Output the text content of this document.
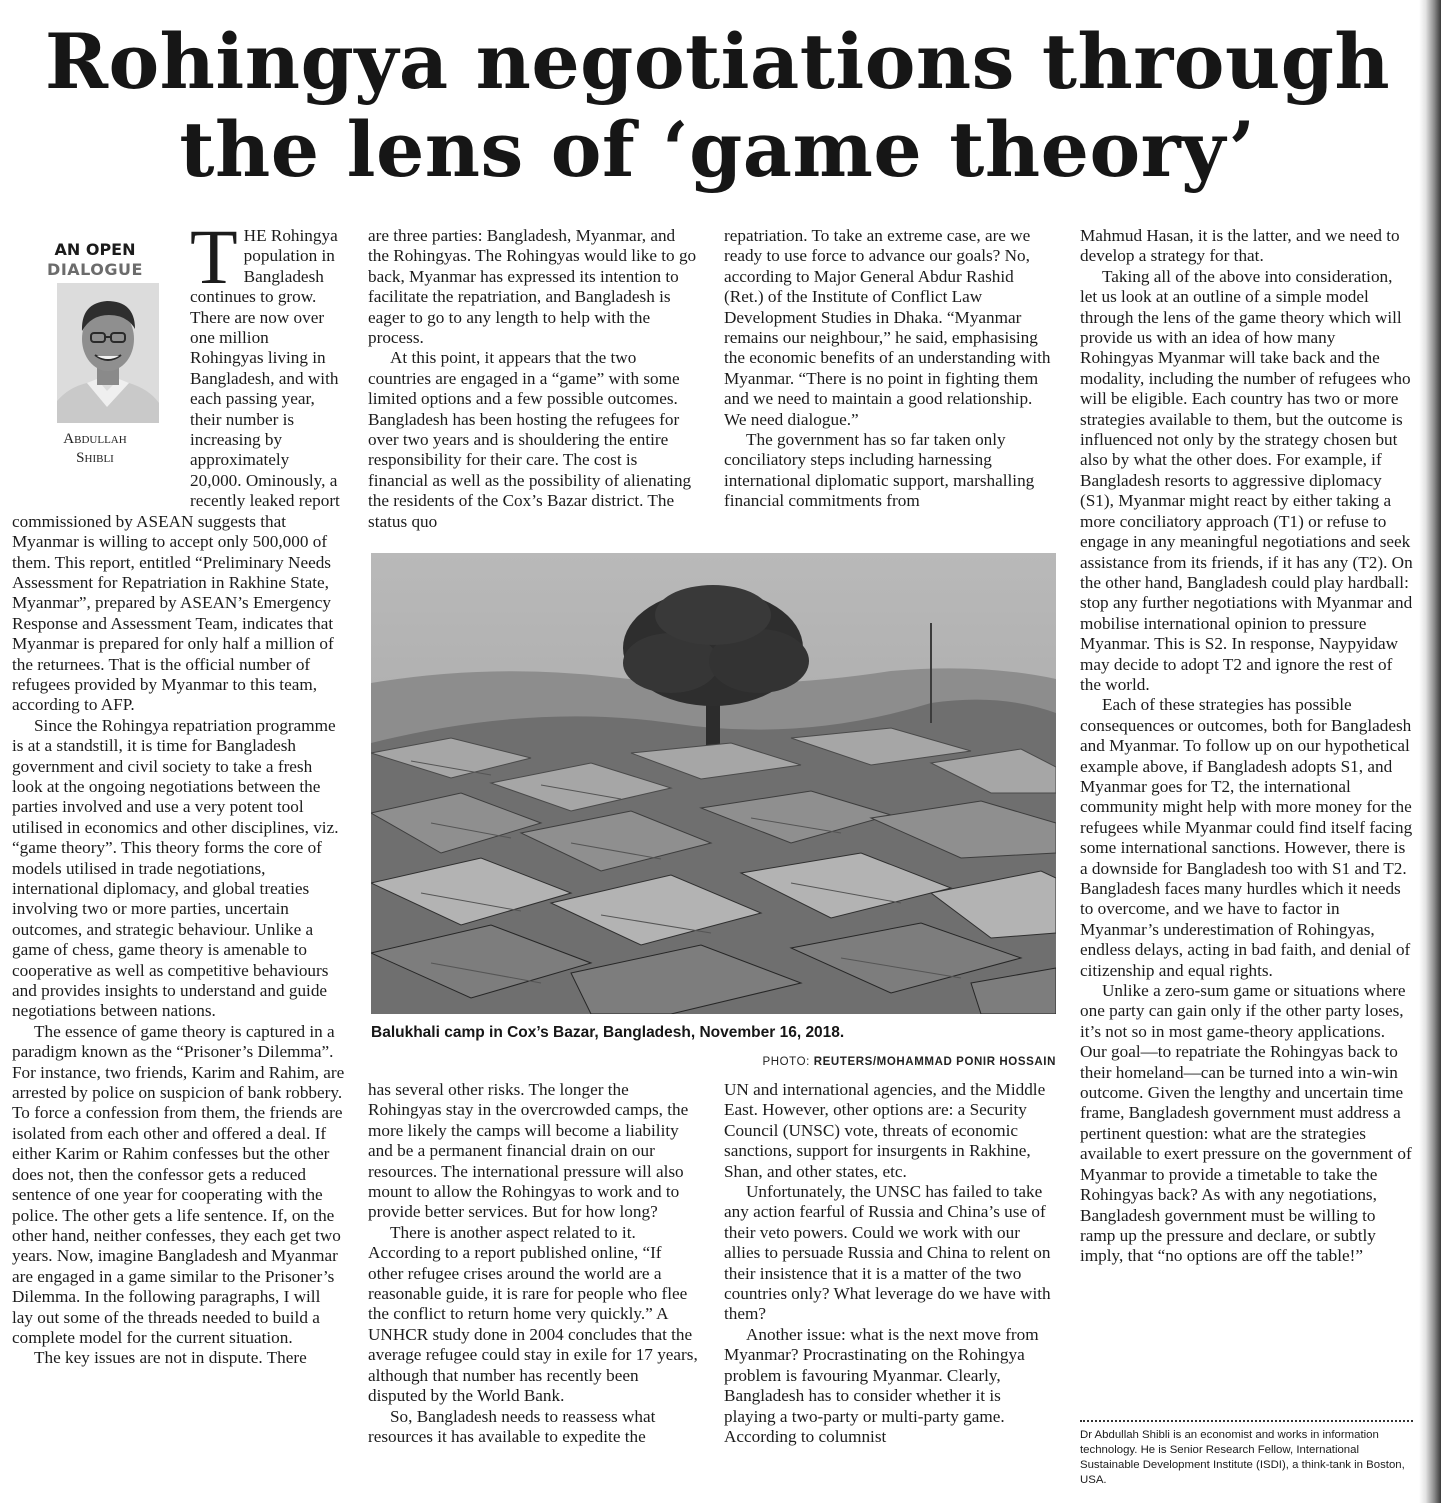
Rohingya negotiations through
the lens of ‘game theory’
AN OPEN
DIALOGUE
Abdullah
Shibli
T HE Rohingya population in Bangladesh continues to grow. There are now over one million Rohingyas living in Bangladesh, and with each passing year, their number is increasing by approximately 20,000. Ominously, a recently leaked report commissioned by ASEAN suggests that Myanmar is willing to accept only 500,000 of them. This report, entitled “Preliminary Needs Assessment for Repatriation in Rakhine State, Myanmar”, prepared by ASEAN’s Emergency Response and Assessment Team, indicates that Myanmar is prepared for only half a million of the returnees. That is the official number of refugees provided by Myanmar to this team, according to AFP.

Since the Rohingya repatriation programme is at a standstill, it is time for Bangladesh government and civil society to take a fresh look at the ongoing negotiations between the parties involved and use a very potent tool utilised in economics and other disciplines, viz. “game theory”. This theory forms the core of models utilised in trade negotiations, international diplomacy, and global treaties involving two or more parties, uncertain outcomes, and strategic behaviour. Unlike a game of chess, game theory is amenable to cooperative as well as competitive behaviours and provides insights to understand and guide negotiations between nations.

The essence of game theory is captured in a paradigm known as the “Prisoner’s Dilemma”. For instance, two friends, Karim and Rahim, are arrested by police on suspicion of bank robbery. To force a confession from them, the friends are isolated from each other and offered a deal. If either Karim or Rahim confesses but the other does not, then the confessor gets a reduced sentence of one year for cooperating with the police. The other gets a life sentence. If, on the other hand, neither confesses, they each get two years. Now, imagine Bangladesh and Myanmar are engaged in a game similar to the Prisoner’s Dilemma. In the following paragraphs, I will lay out some of the threads needed to build a complete model for the current situation.

The key issues are not in dispute. There

are three parties: Bangladesh, Myanmar, and the Rohingyas. The Rohingyas would like to go back, Myanmar has expressed its intention to facilitate the repatriation, and Bangladesh is eager to go to any length to help with the process.

At this point, it appears that the two countries are engaged in a “game” with some limited options and a few possible outcomes. Bangladesh has been hosting the refugees for over two years and is shouldering the entire responsibility for their care. The cost is financial as well as the possibility of alienating the residents of the Cox’s Bazar district. The status quo

repatriation. To take an extreme case, are we ready to use force to advance our goals? No, according to Major General Abdur Rashid (Ret.) of the Institute of Conflict Law Development Studies in Dhaka. “Myanmar remains our neighbour,” he said, emphasising the economic benefits of an understanding with Myanmar. “There is no point in fighting them and we need to maintain a good relationship. We need dialogue.”

The government has so far taken only conciliatory steps including harnessing international diplomatic support, marshalling financial commitments from

Balukhali camp in Cox’s Bazar, Bangladesh, November 16, 2018.

PHOTO: REUTERS/MOHAMMAD PONIR HOSSAIN

has several other risks. The longer the Rohingyas stay in the overcrowded camps, the more likely the camps will become a liability and be a permanent financial drain on our resources. The international pressure will also mount to allow the Rohingyas to work and to provide better services. But for how long?

There is another aspect related to it. According to a report published online, “If other refugee crises around the world are a reasonable guide, it is rare for people who flee the conflict to return home very quickly.” A UNHCR study done in 2004 concludes that the average refugee could stay in exile for 17 years, although that number has recently been disputed by the World Bank.

So, Bangladesh needs to reassess what resources it has available to expedite the

UN and international agencies, and the Middle East. However, other options are: a Security Council (UNSC) vote, threats of economic sanctions, support for insurgents in Rakhine, Shan, and other states, etc.

Unfortunately, the UNSC has failed to take any action fearful of Russia and China’s use of their veto powers. Could we work with our allies to persuade Russia and China to relent on their insistence that it is a matter of the two countries only? What leverage do we have with them?

Another issue: what is the next move from Myanmar? Procrastinating on the Rohingya problem is favouring Myanmar. Clearly, Bangladesh has to consider whether it is playing a two-party or multi-party game. According to columnist

Mahmud Hasan, it is the latter, and we need to develop a strategy for that.

Taking all of the above into consideration, let us look at an outline of a simple model through the lens of the game theory which will provide us with an idea of how many Rohingyas Myanmar will take back and the modality, including the number of refugees who will be eligible. Each country has two or more strategies available to them, but the outcome is influenced not only by the strategy chosen but also by what the other does. For example, if Bangladesh resorts to aggressive diplomacy (S1), Myanmar might react by either taking a more conciliatory approach (T1) or refuse to engage in any meaningful negotiations and seek assistance from its friends, if it has any (T2). On the other hand, Bangladesh could play hardball: stop any further negotiations with Myanmar and mobilise international opinion to pressure Myanmar. This is S2. In response, Naypyidaw may decide to adopt T2 and ignore the rest of the world.

Each of these strategies has possible consequences or outcomes, both for Bangladesh and Myanmar. To follow up on our hypothetical example above, if Bangladesh adopts S1, and Myanmar goes for T2, the international community might help with more money for the refugees while Myanmar could find itself facing some international sanctions. However, there is a downside for Bangladesh too with S1 and T2. Bangladesh faces many hurdles which it needs to overcome, and we have to factor in Myanmar’s underestimation of Rohingyas, endless delays, acting in bad faith, and denial of citizenship and equal rights.

Unlike a zero-sum game or situations where one party can gain only if the other party loses, it’s not so in most game-theory applications. Our goal—to repatriate the Rohingyas back to their homeland—can be turned into a win-win outcome. Given the lengthy and uncertain time frame, Bangladesh government must address a pertinent question: what are the strategies available to exert pressure on the government of Myanmar to provide a timetable to take the Rohingyas back? As with any negotiations, Bangladesh government must be willing to ramp up the pressure and declare, or subtly imply, that “no options are off the table!”

Dr Abdullah Shibli is an economist and works in information technology. He is Senior Research Fellow, International Sustainable Development Institute (ISDI), a think-tank in Boston, USA.
